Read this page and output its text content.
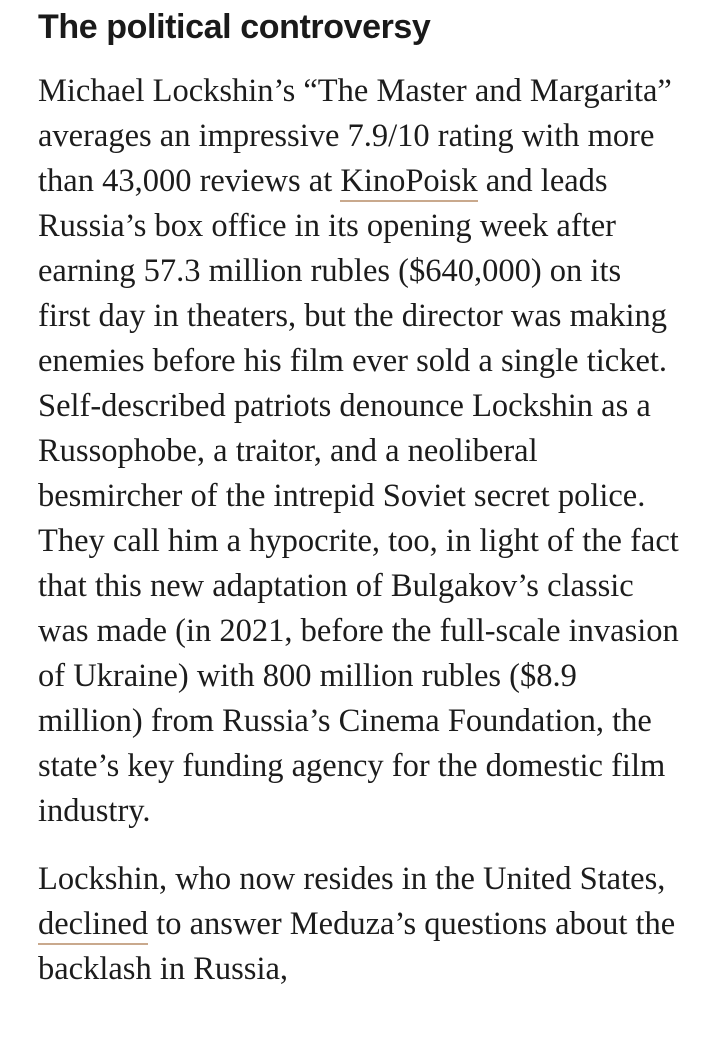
The political controversy

Michael Lockshin’s “The Master and Margarita” averages an impressive 7.9/10 rating with more than 43,000 reviews at KinoPoisk and leads Russia’s box office in its opening week after earning 57.3 million rubles ($640,000) on its first day in theaters, but the director was making enemies before his film ever sold a single ticket. Self-described patriots denounce Lockshin as a Russophobe, a traitor, and a neoliberal besmircher of the intrepid Soviet secret police. They call him a hypocrite, too, in light of the fact that this new adaptation of Bulgakov’s classic was made (in 2021, before the full-scale invasion of Ukraine) with 800 million rubles ($8.9 million) from Russia’s Cinema Foundation, the state’s key funding agency for the domestic film industry.

Lockshin, who now resides in the United States, declined to answer Meduza’s questions about the backlash in Russia,
